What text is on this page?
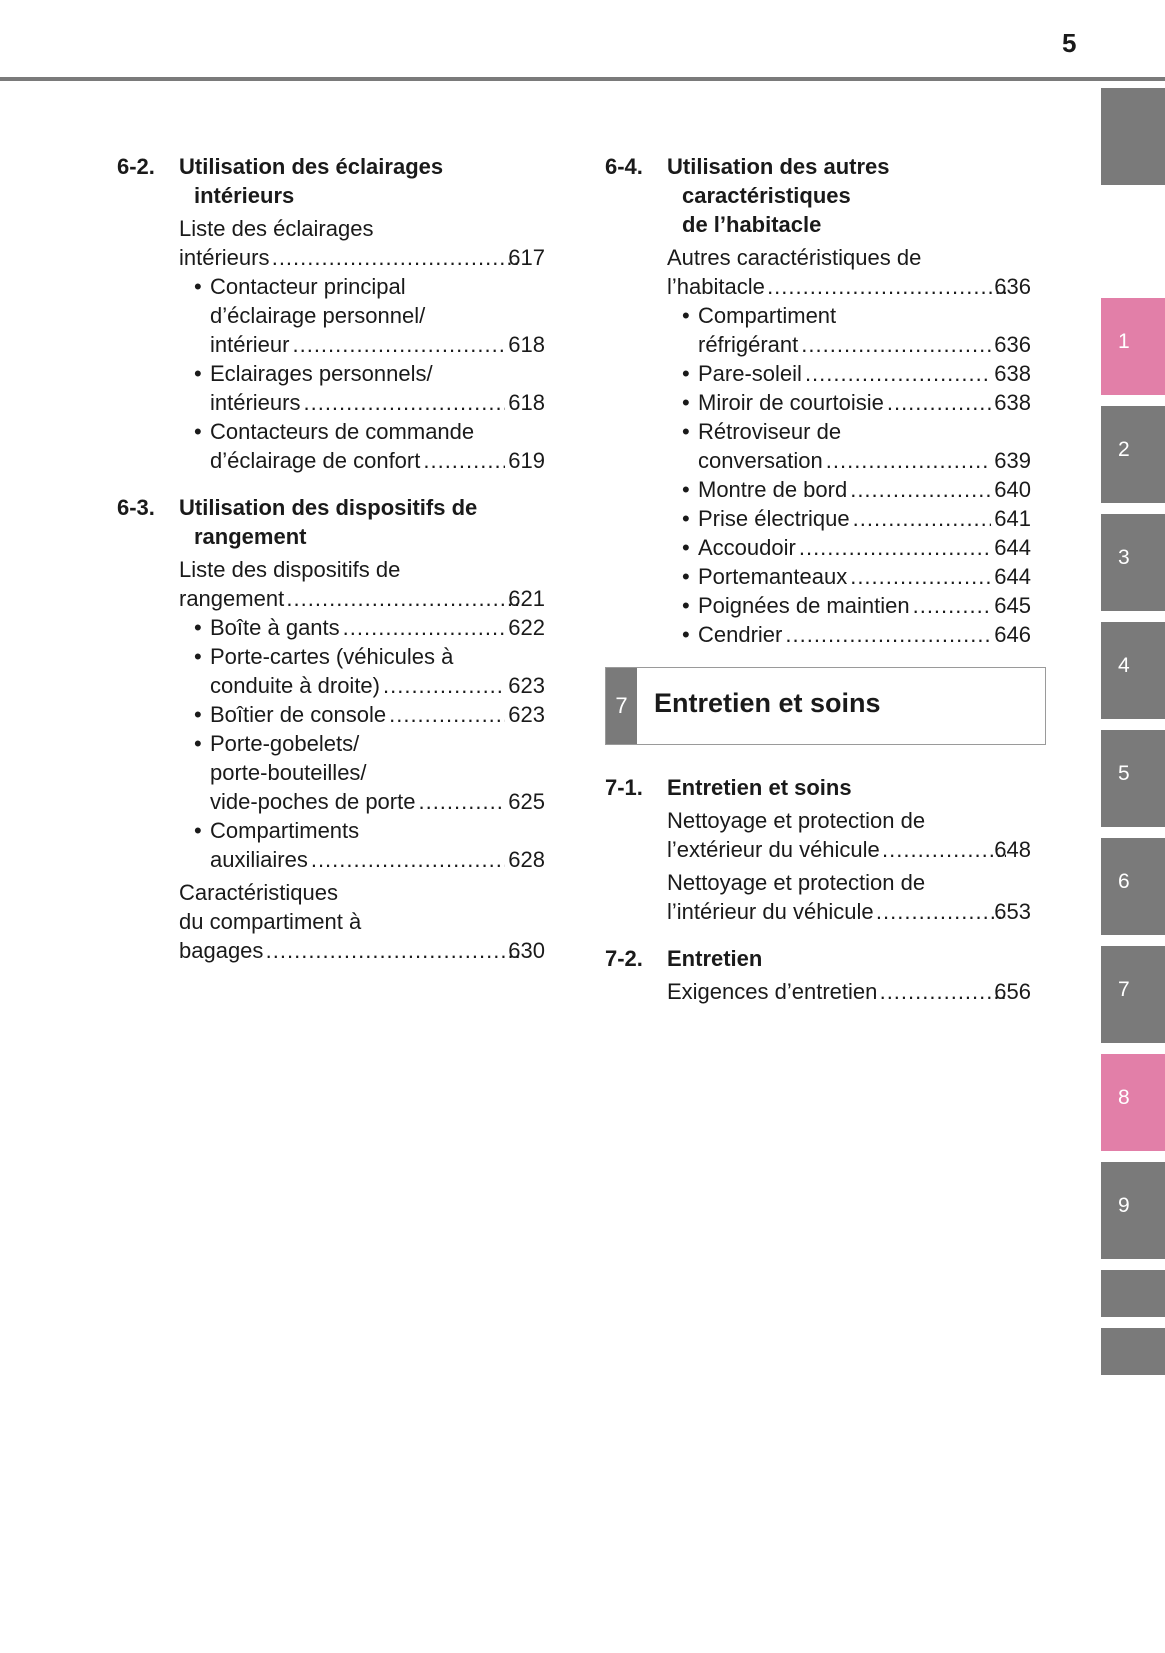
5
6-2.	Utilisation des éclairages
intérieurs
Liste des éclairages
intérieurs .....	617
• Contacteur principal
d’éclairage personnel/
intérieur .....	618
• Eclairages personnels/
intérieurs .....	618
• Contacteurs de commande
d’éclairage de confort .....	619
6-3.	Utilisation des dispositifs de
rangement
Liste des dispositifs de
rangement .....	621
• Boîte à gants .....	622
• Porte-cartes (véhicules à
conduite à droite) .....	623
• Boîtier de console .....	623
• Porte-gobelets/
porte-bouteilles/
vide-poches de porte .....	625
• Compartiments
auxiliaires .....	628
Caractéristiques
du compartiment à
bagages .....	630
6-4.	Utilisation des autres
caractéristiques
de l’habitacle
Autres caractéristiques de
l’habitacle .....	636
• Compartiment
réfrigérant .....	636
• Pare-soleil .....	638
• Miroir de courtoisie .....	638
• Rétroviseur de
conversation .....	639
• Montre de bord .....	640
• Prise électrique .....	641
• Accoudoir .....	644
• Portemanteaux .....	644
• Poignées de maintien .....	645
• Cendrier .....	646
7 Entretien et soins
7-1.	Entretien et soins
Nettoyage et protection de
l’extérieur du véhicule .....	648
Nettoyage et protection de
l’intérieur du véhicule .....	653
7-2.	Entretien
Exigences d’entretien .....	656
1
2
3
4
5
6
7
8
9
